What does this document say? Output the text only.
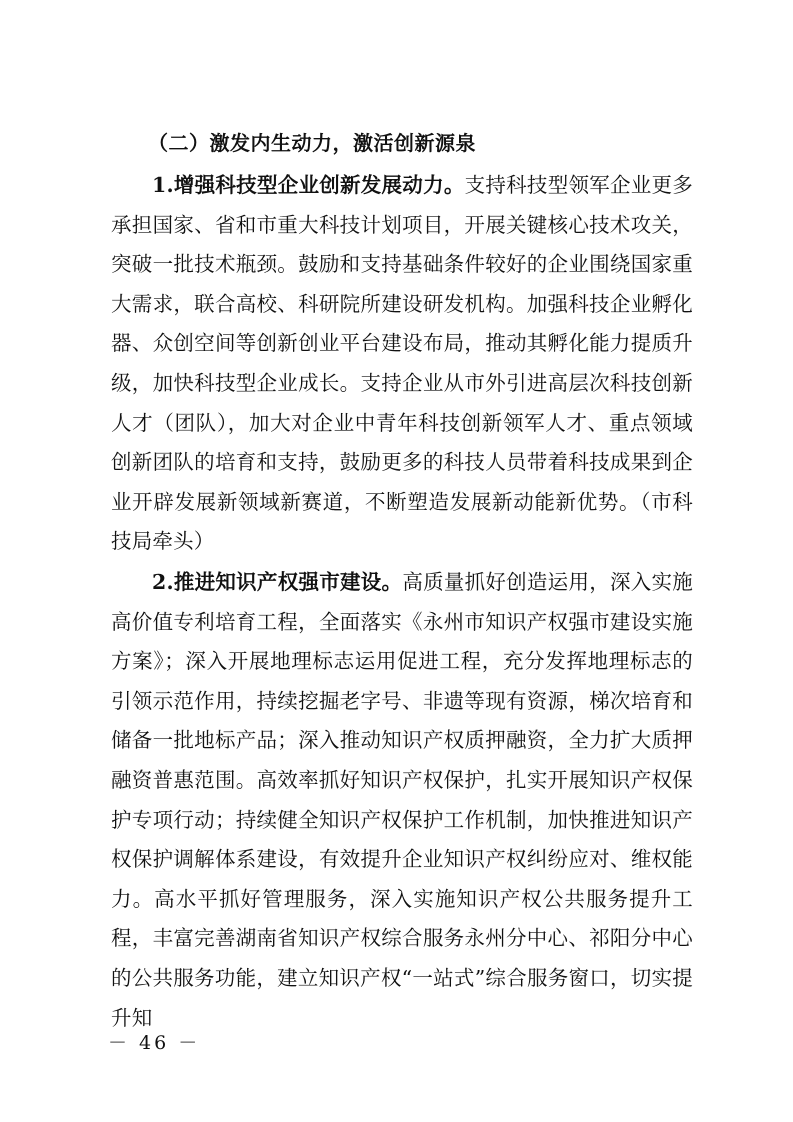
（二）激发内生动力，激活创新源泉

1.增强科技型企业创新发展动力。支持科技型领军企业更多承担国家、省和市重大科技计划项目，开展关键核心技术攻关，突破一批技术瓶颈。鼓励和支持基础条件较好的企业围绕国家重大需求，联合高校、科研院所建设研发机构。加强科技企业孵化器、众创空间等创新创业平台建设布局，推动其孵化能力提质升级，加快科技型企业成长。支持企业从市外引进高层次科技创新人才（团队），加大对企业中青年科技创新领军人才、重点领域创新团队的培育和支持，鼓励更多的科技人员带着科技成果到企业开辟发展新领域新赛道，不断塑造发展新动能新优势。（市科技局牵头）

2.推进知识产权强市建设。高质量抓好创造运用，深入实施高价值专利培育工程，全面落实《永州市知识产权强市建设实施方案》；深入开展地理标志运用促进工程，充分发挥地理标志的引领示范作用，持续挖掘老字号、非遗等现有资源，梯次培育和储备一批地标产品；深入推动知识产权质押融资，全力扩大质押融资普惠范围。高效率抓好知识产权保护，扎实开展知识产权保护专项行动；持续健全知识产权保护工作机制，加快推进知识产权保护调解体系建设，有效提升企业知识产权纠纷应对、维权能力。高水平抓好管理服务，深入实施知识产权公共服务提升工程，丰富完善湖南省知识产权综合服务永州分中心、祁阳分中心的公共服务功能，建立知识产权“一站式”综合服务窗口，切实提升知

－ 46 －
